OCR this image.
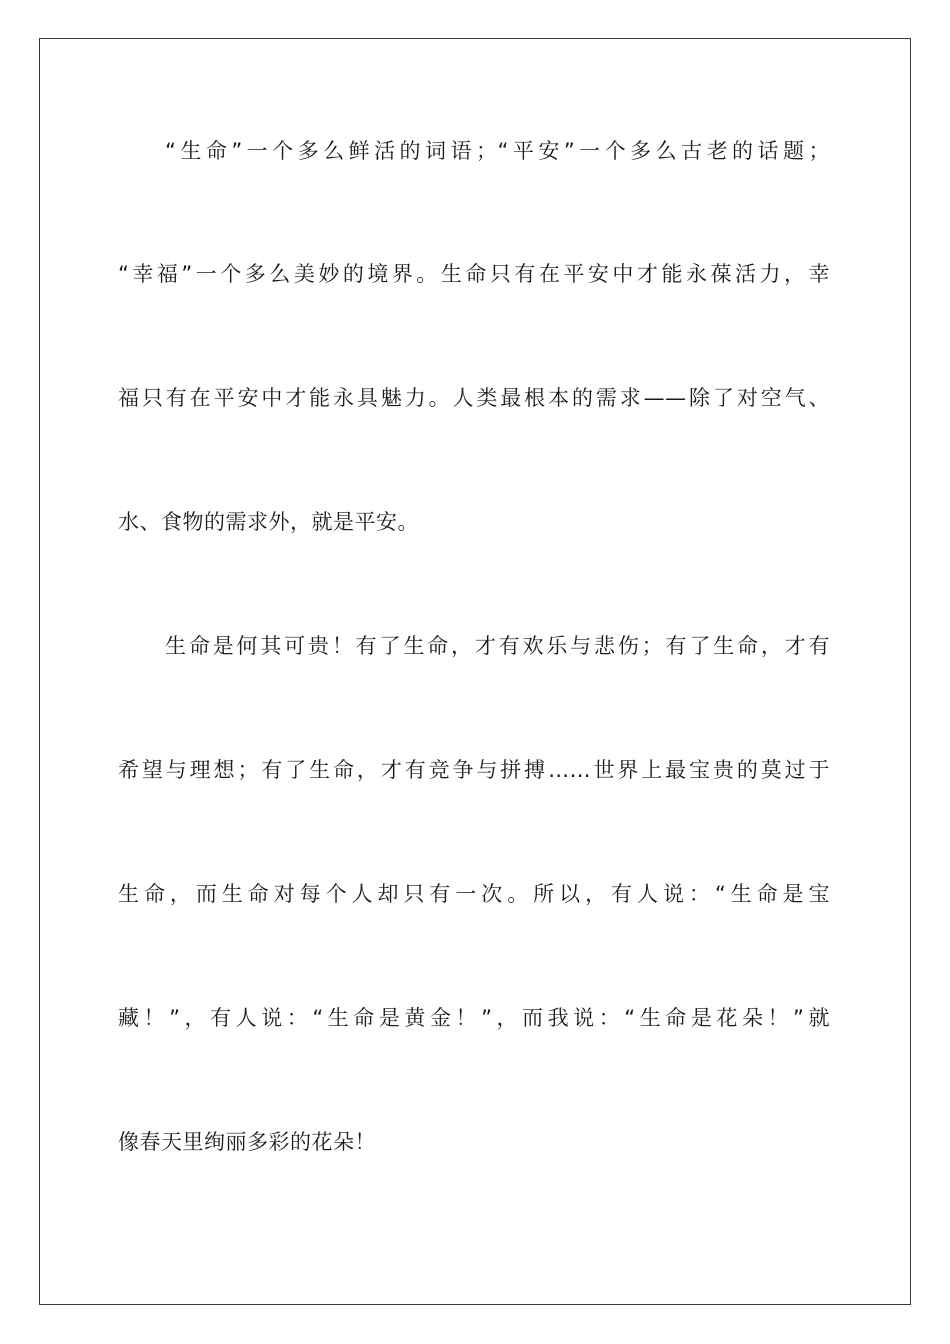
“生命”一个多么鲜活的词语；“平安”一个多么古老的话题；
“幸福”一个多么美妙的境界。生命只有在平安中才能永葆活力，幸
福只有在平安中才能永具魅力。人类最根本的需求——除了对空气、
水、食物的需求外，就是平安。
生命是何其可贵！有了生命，才有欢乐与悲伤；有了生命，才有
希望与理想；有了生命，才有竞争与拼搏……世界上最宝贵的莫过于
生命，而生命对每个人却只有一次。所以，有人说：“生命是宝
藏！”，有人说：“生命是黄金！”，而我说：“生命是花朵！”就
像春天里绚丽多彩的花朵！
